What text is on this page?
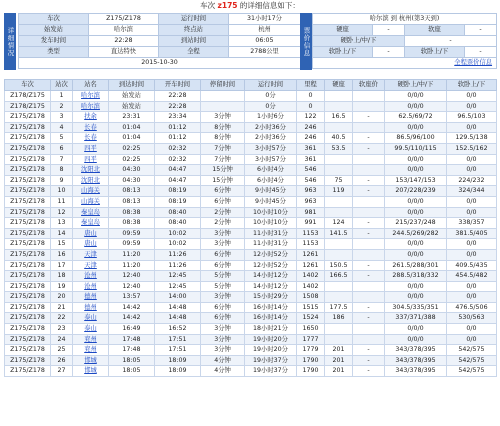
车次 z175 的详细信息如下：
详细情况
车次	Z175/Z178	运行时间	31小时17分
始发站	哈尔滨	终点站	杭州
发车时间	22:28	到站时间	06:05
类型	直达特快	全程	2788公里
2015-10-30			
票价信息
哈尔滨 到 杭州(第3天到)			
硬座	-	软座	-
硬卧上/中/下		-	
软卧上/下	-	软卧上/下	-
全程票价信息			
车次	站次	站名	到达时间	开车时间	停留时间	运行时间	里程	硬座	软座价	硬卧上/中/下	软卧上/下
Z178/Z175	1	哈尔滨	始发站	22:28		0分	0			0/0/0	0/0
Z178/Z175	2	哈尔滨	始发站	22:28		0分	0			0/0/0	0/0
Z175/Z178	3	扶余	23:31	23:34	3分钟	1小时6分	122	16.5	-	62.5/69/72	96.5/103
Z175/Z178	4	长春	01:04	01:12	8分钟	2小时36分	246			0/0/0	0/0
Z175/Z178	5	长春	01:04	01:12	8分钟	2小时36分	246	40.5	-	86.5/96/100	129.5/138
Z175/Z178	6	四平	02:25	02:32	7分钟	3小时57分	361	53.5	-	99.5/110/115	152.5/162
Z175/Z178	7	四平	02:25	02:32	7分钟	3小时57分	361			0/0/0	0/0
Z175/Z178	8	沈阳北	04:30	04:47	15分钟	6小时4分	546			0/0/0	0/0
Z175/Z178	9	沈阳北	04:30	04:47	15分钟	6小时4分	546	75	-	153/147/153	224/232
Z175/Z178	10	山海关	08:13	08:19	6分钟	9小时45分	963	119	-	207/228/239	324/344
Z175/Z178	11	山海关	08:13	08:19	6分钟	9小时45分	963			0/0/0	0/0
Z175/Z178	12	秦皇岛	08:38	08:40	2分钟	10小时10分	981			0/0/0	0/0
Z175/Z178	13	秦皇岛	08:38	08:40	2分钟	10小时10分	991	124	-	215/237/248	338/357
Z175/Z178	14	唐山	09:59	10:02	3分钟	11小时31分	1153	141.5	-	244.5/269/282	381.5/405
Z175/Z178	15	唐山	09:59	10:02	3分钟	11小时31分	1153			0/0/0	0/0
Z175/Z178	16	天津	11:20	11:26	6分钟	12小时52分	1261			0/0/0	0/0
Z175/Z178	17	天津	11:20	11:26	6分钟	12小时52分	1261	150.5	-	261.5/288/301	409.5/435
Z175/Z178	18	沧州	12:40	12:45	5分钟	14小时12分	1402	166.5	-	288.5/318/332	454.5/482
Z175/Z178	19	沧州	12:40	12:45	5分钟	14小时12分	1402			0/0/0	0/0
Z175/Z178	20	德州	13:57	14:00	3分钟	15小时29分	1508			0/0/0	0/0
Z175/Z178	21	德州	14:42	14:48	6分钟	16小时14分	1515	177.5	-	304.5/335/351	476.5/506
Z175/Z178	22	泰山	14:42	14:48	6分钟	16小时14分	1524	186	-	337/371/388	530/563
Z175/Z178	23	泰山	16:49	16:52	3分钟	18小时21分	1650			0/0/0	0/0
Z175/Z178	24	兖州	17:48	17:51	3分钟	19小时20分	1777			0/0/0	0/0
Z175/Z178	25	兖州	17:48	17:51	3分钟	19小时20分	1779	201	-	343/378/395	542/575
Z175/Z178	26	邯城	18:05	18:09	4分钟	19小时37分	1790	201	-	343/378/395	542/575
Z175/Z178	27	邯城	18:05	18:09	4分钟	19小时37分	1790	201	-	343/378/395	542/575
